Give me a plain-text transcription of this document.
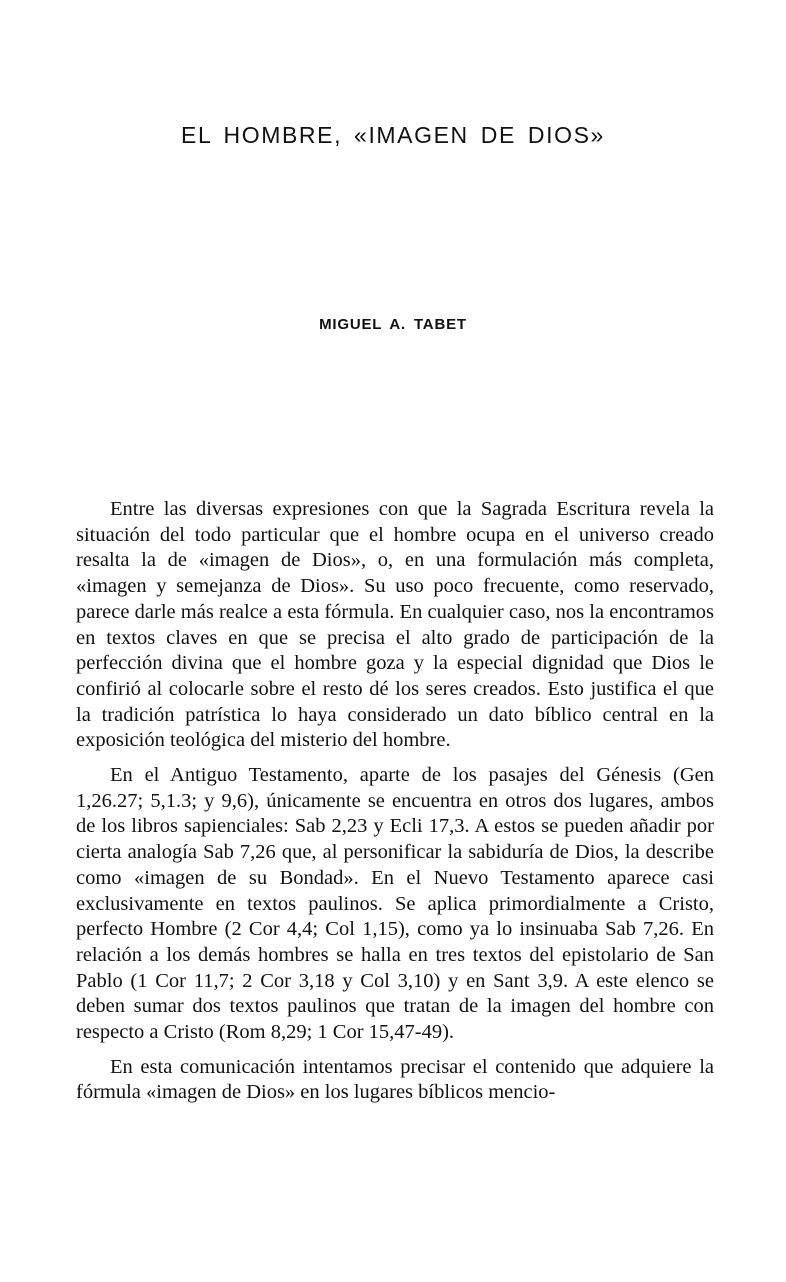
EL HOMBRE, «IMAGEN DE DIOS»
MIGUEL A. TABET

Entre las diversas expresiones con que la Sagrada Escritura revela la situación del todo particular que el hombre ocupa en el universo creado resalta la de «imagen de Dios», o, en una formulación más completa, «imagen y semejanza de Dios». Su uso poco frecuente, como reservado, parece darle más realce a esta fórmula. En cualquier caso, nos la encontramos en textos claves en que se precisa el alto grado de participación de la perfección divina que el hombre goza y la especial dignidad que Dios le confirió al colocarle sobre el resto dé los seres creados. Esto justifica el que la tradición patrística lo haya considerado un dato bíblico central en la exposición teológica del misterio del hombre.

En el Antiguo Testamento, aparte de los pasajes del Génesis (Gen 1,26.27; 5,1.3; y 9,6), únicamente se encuentra en otros dos lugares, ambos de los libros sapienciales: Sab 2,23 y Ecli 17,3. A estos se pueden añadir por cierta analogía Sab 7,26 que, al personificar la sabiduría de Dios, la describe como «imagen de su Bondad». En el Nuevo Testamento aparece casi exclusivamente en textos paulinos. Se aplica primordialmente a Cristo, perfecto Hombre (2 Cor 4,4; Col 1,15), como ya lo insinuaba Sab 7,26. En relación a los demás hombres se halla en tres textos del epistolario de San Pablo (1 Cor 11,7; 2 Cor 3,18 y Col 3,10) y en Sant 3,9. A este elenco se deben sumar dos textos paulinos que tratan de la imagen del hombre con respecto a Cristo (Rom 8,29; 1 Cor 15,47-49).

En esta comunicación intentamos precisar el contenido que adquiere la fórmula «imagen de Dios» en los lugares bíblicos mencio-
